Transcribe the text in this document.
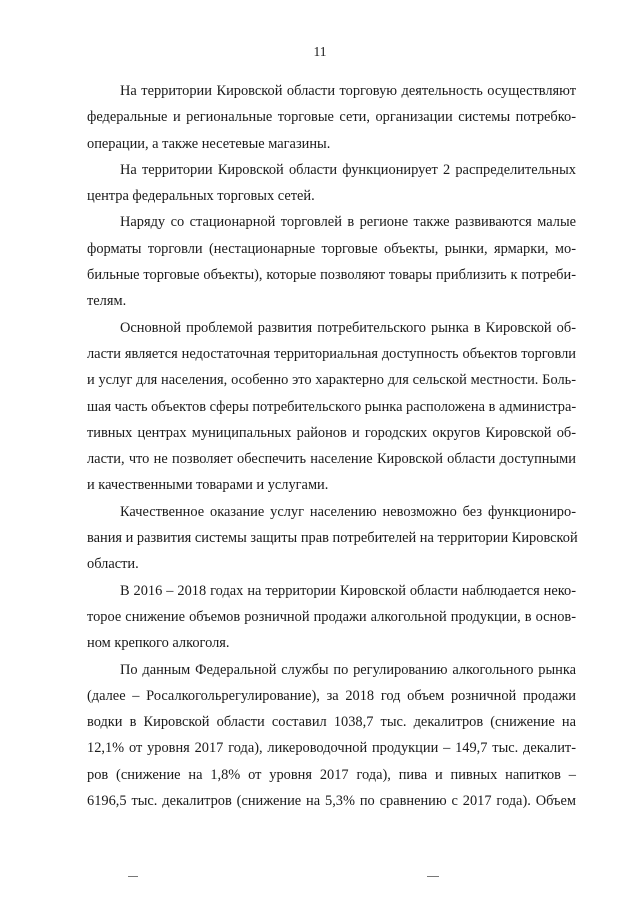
11

На территории Кировской области торговую деятельность осуществляют
федеральные и региональные торговые сети, организации системы потребко-
операции, а также несетевые магазины.

На территории Кировской области функционирует 2 распределительных
центра федеральных торговых сетей.

Наряду со стационарной торговлей в регионе также развиваются малые
форматы торговли (нестационарные торговые объекты, рынки, ярмарки, мо-
бильные торговые объекты), которые позволяют товары приблизить к потреби-
телям.

Основной проблемой развития потребительского рынка в Кировской об-
ласти является недостаточная территориальная доступность объектов торговли
и услуг для населения, особенно это характерно для сельской местности. Боль-
шая часть объектов сферы потребительского рынка расположена в администра-
тивных центрах муниципальных районов и городских округов Кировской об-
ласти, что не позволяет обеспечить население Кировской области доступными
и качественными товарами и услугами.

Качественное оказание услуг населению невозможно без функциониро-
вания и развития системы защиты прав потребителей на территории Кировской
области.

В 2016 – 2018 годах на территории Кировской области наблюдается неко-
торое снижение объемов розничной продажи алкогольной продукции, в основ-
ном крепкого алкоголя.

По данным Федеральной службы по регулированию алкогольного рынка
(далее – Росалкогольрегулирование), за 2018 год объем розничной продажи
водки в Кировской области составил 1038,7 тыс. декалитров (снижение на
12,1% от уровня 2017 года), ликероводочной продукции – 149,7 тыс. декалит-
ров (снижение на 1,8% от уровня 2017 года), пива и пивных напитков –
6196,5 тыс. декалитров (снижение на 5,3% по сравнению с 2017 года). Объем
